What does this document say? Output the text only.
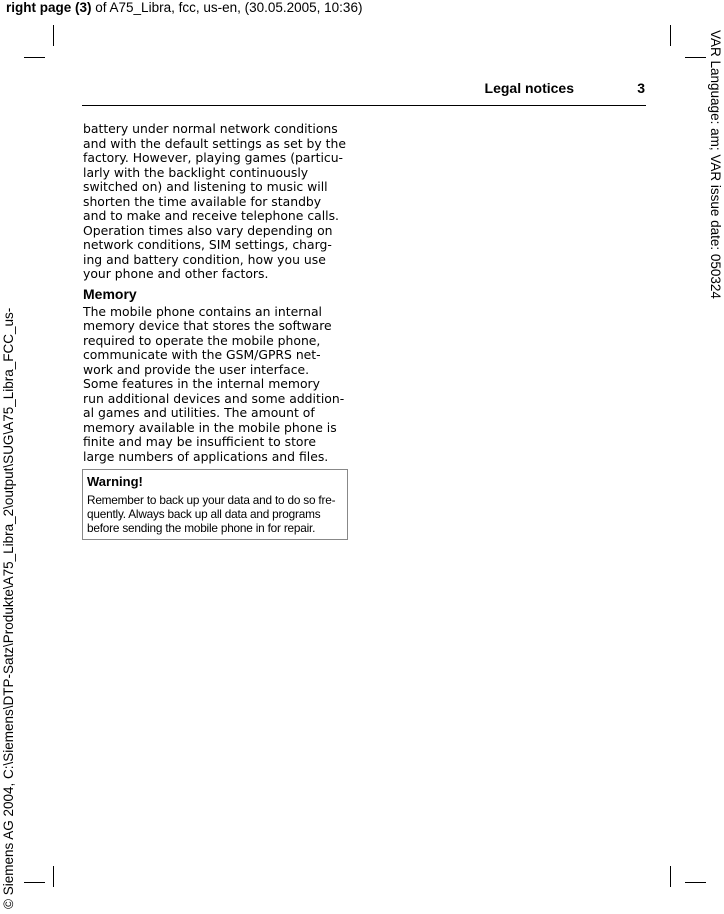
right page (3) of A75_Libra, fcc, us-en, (30.05.2005, 10:36)
© Siemens AG 2004, C:\Siemens\DTP-Satz\Produkte\A75_Libra_2\output\SUG\A75_Libra_FCC_us-
VAR Language: am; VAR issue date: 050324
Legal notices	3

battery under normal network conditions
and with the default settings as set by the
factory. However, playing games (particu-
larly with the backlight continuously
switched on) and listening to music will
shorten the time available for standby
and to make and receive telephone calls.
Operation times also vary depending on
network conditions, SIM settings, charg-
ing and battery condition, how you use
your phone and other factors.

Memory

The mobile phone contains an internal
memory device that stores the software
required to operate the mobile phone,
communicate with the GSM/GPRS net-
work and provide the user interface.
Some features in the internal memory
run additional devices and some addition-
al games and utilities. The amount of
memory available in the mobile phone is
finite and may be insufficient to store
large numbers of applications and files.

Warning!
Remember to back up your data and to do so fre-
quently. Always back up all data and programs
before sending the mobile phone in for repair.
